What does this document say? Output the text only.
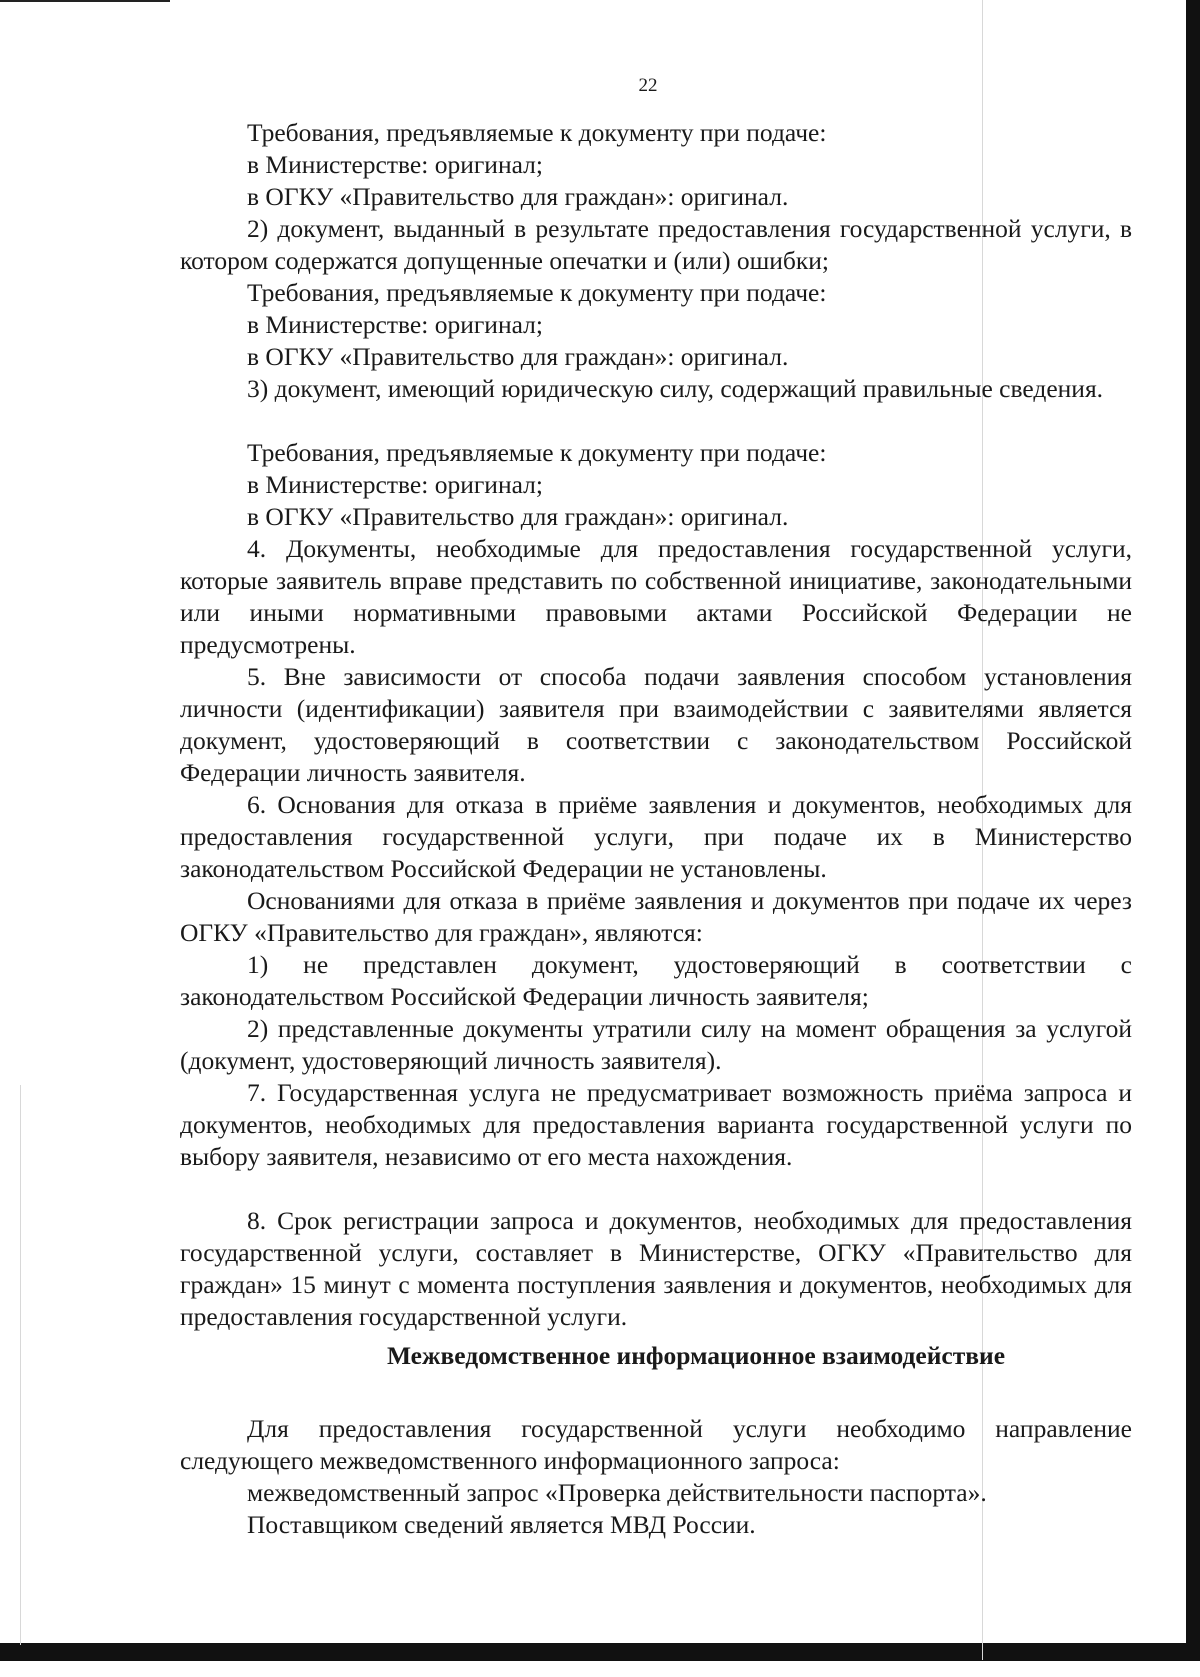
22

Требования, предъявляемые к документу при подаче:

в Министерстве: оригинал;

в ОГКУ «Правительство для граждан»: оригинал.

2) документ, выданный в результате предоставления государственной услуги, в котором содержатся допущенные опечатки и (или) ошибки;

Требования, предъявляемые к документу при подаче:

в Министерстве: оригинал;

в ОГКУ «Правительство для граждан»: оригинал.

3) документ, имеющий юридическую силу, содержащий правильные сведения.

Требования, предъявляемые к документу при подаче:

в Министерстве: оригинал;

в ОГКУ «Правительство для граждан»: оригинал.

4. Документы, необходимые для предоставления государственной услуги, которые заявитель вправе представить по собственной инициативе, законодательными или иными нормативными правовыми актами Российской Федерации не предусмотрены.

5. Вне зависимости от способа подачи заявления способом установления личности (идентификации) заявителя при взаимодействии с заявителями является документ, удостоверяющий в соответствии с законодательством Российской Федерации личность заявителя.

6. Основания для отказа в приёме заявления и документов, необходимых для предоставления государственной услуги, при подаче их в Министерство законодательством Российской Федерации не установлены.

Основаниями для отказа в приёме заявления и документов при подаче их через ОГКУ «Правительство для граждан», являются:

1) не представлен документ, удостоверяющий в соответствии с законодательством Российской Федерации личность заявителя;

2) представленные документы утратили силу на момент обращения за услугой (документ, удостоверяющий личность заявителя).

7. Государственная услуга не предусматривает возможность приёма запроса и документов, необходимых для предоставления варианта государственной услуги по выбору заявителя, независимо от его места нахождения.

8. Срок регистрации запроса и документов, необходимых для предоставления государственной услуги, составляет в Министерстве, ОГКУ «Правительство для граждан» 15 минут с момента поступления заявления и документов, необходимых для предоставления государственной услуги.

Межведомственное информационное взаимодействие

Для предоставления государственной услуги необходимо направление следующего межведомственного информационного запроса:

межведомственный запрос «Проверка действительности паспорта».

Поставщиком сведений является МВД России.
